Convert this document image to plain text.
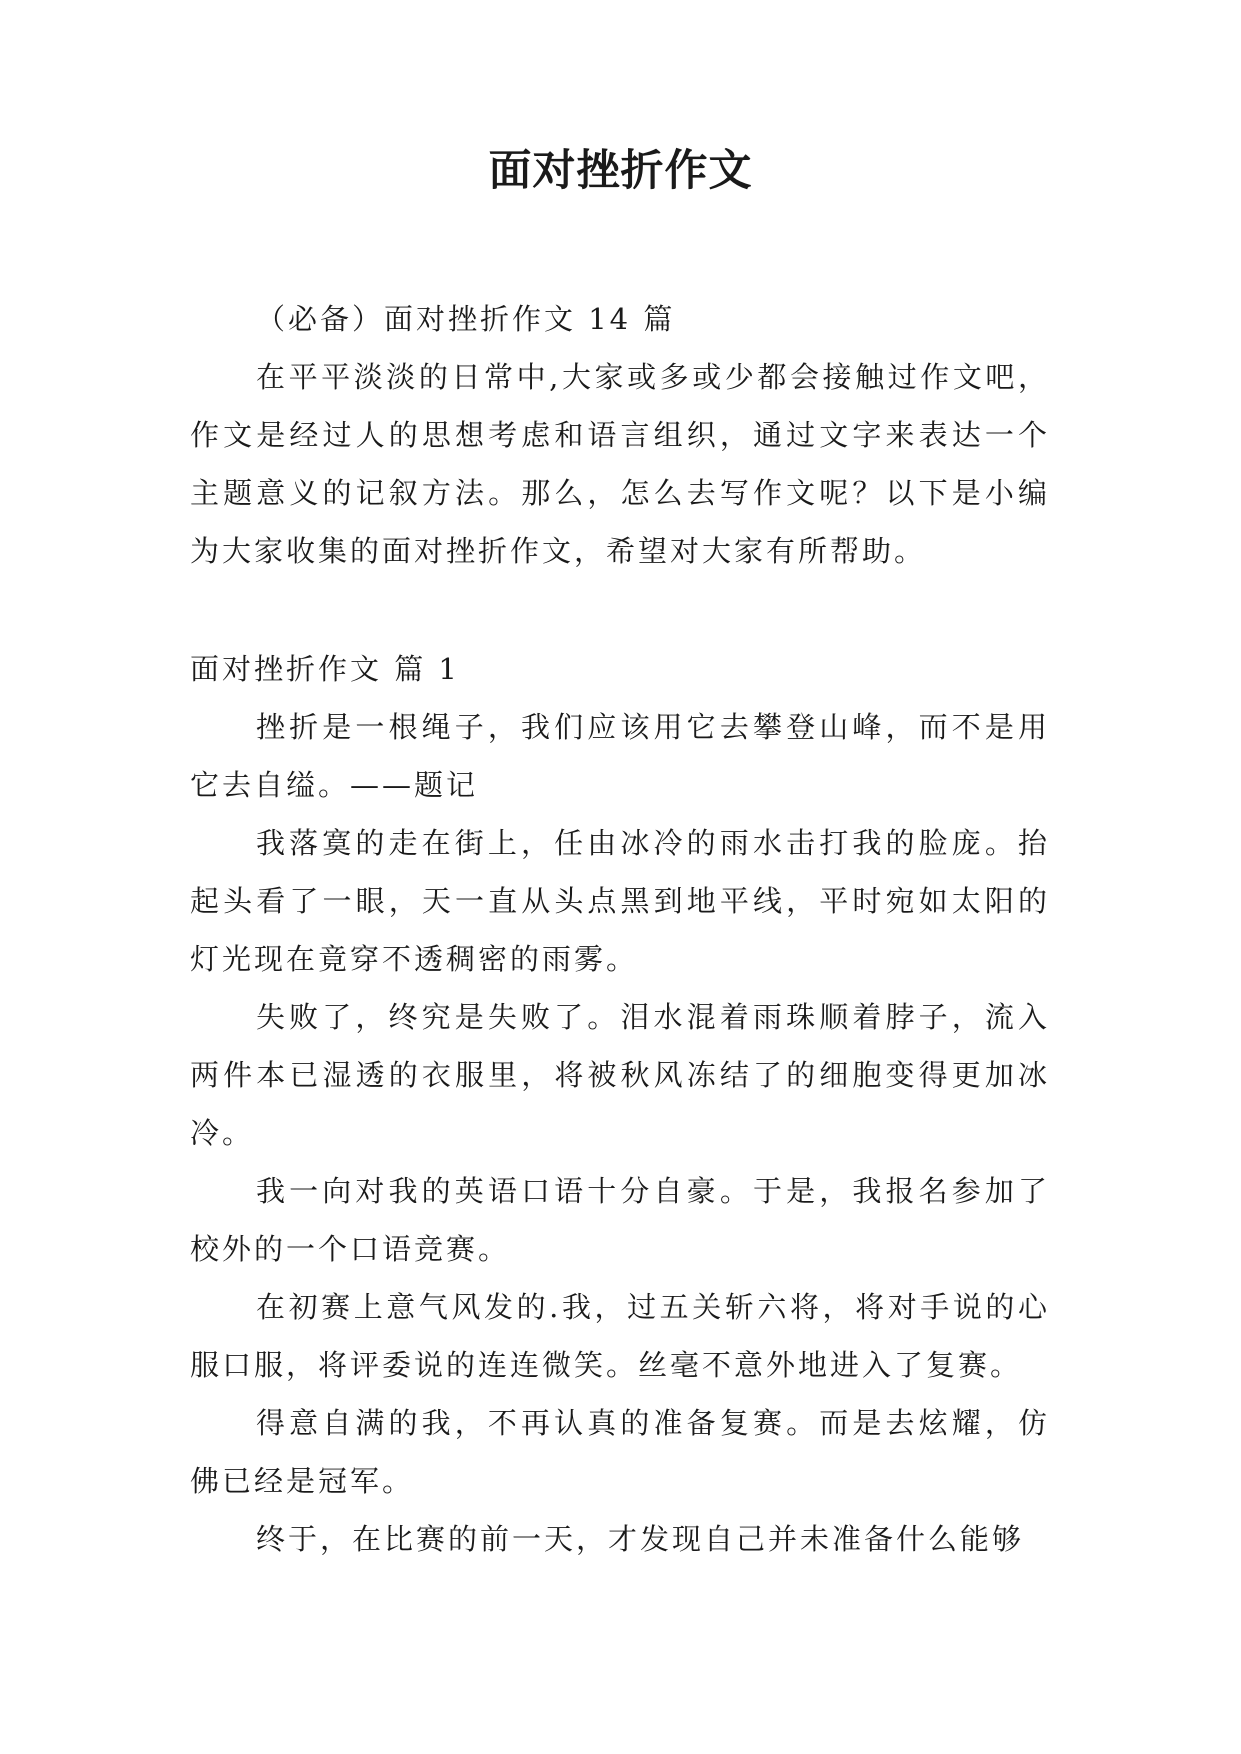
面对挫折作文

（必备）面对挫折作文 14 篇

在平平淡淡的日常中,大家或多或少都会接触过作文吧，作文是经过人的思想考虑和语言组织，通过文字来表达一个主题意义的记叙方法。那么，怎么去写作文呢？以下是小编为大家收集的面对挫折作文，希望对大家有所帮助。

面对挫折作文 篇 1

挫折是一根绳子，我们应该用它去攀登山峰，而不是用它去自缢。——题记

我落寞的走在街上，任由冰冷的雨水击打我的脸庞。抬起头看了一眼，天一直从头点黑到地平线，平时宛如太阳的灯光现在竟穿不透稠密的雨雾。

失败了，终究是失败了。泪水混着雨珠顺着脖子，流入两件本已湿透的衣服里，将被秋风冻结了的细胞变得更加冰冷。

我一向对我的英语口语十分自豪。于是，我报名参加了校外的一个口语竞赛。

在初赛上意气风发的.我，过五关斩六将，将对手说的心服口服，将评委说的连连微笑。丝毫不意外地进入了复赛。

得意自满的我，不再认真的准备复赛。而是去炫耀，仿佛已经是冠军。

终于，在比赛的前一天，才发现自己并未准备什么能够
